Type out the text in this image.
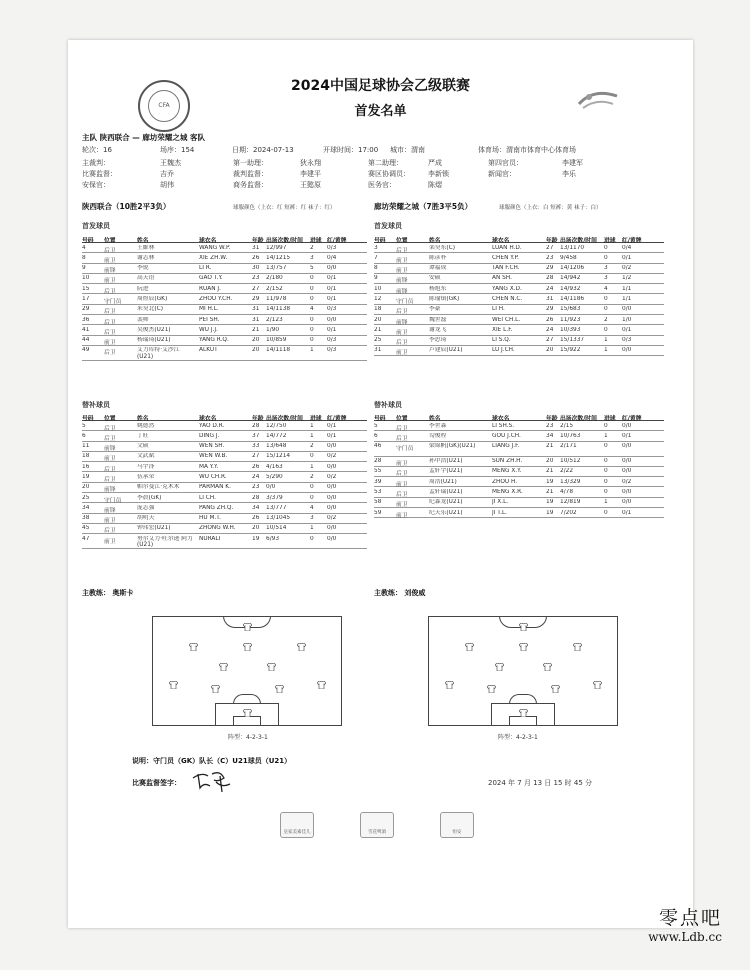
CFA
2024中国足球协会乙级联赛
首发名单
主队 陕西联合 — 廊坊荣耀之城 客队
轮次：16	场序：154	日期：2024-07-13	开球时间：17:00 城市：渭南	体育场：渭南市体育中心体育场
主裁判：	王魏杰	第一助理：	狄永翔	第二助理：	严成	第四官员：	李建军
比赛监督：	吉乔	裁判监督：	李建平	赛区协调员：	李新锁	新闻官：	李乐
安保官：	胡伟	商务监督：	王懿原	医务官：	陈熠
陕西联合（10胜2平3负）	球服颜色（上衣：红 短裤：红 袜子：红）	廊坊荣耀之城（7胜3平5负）	球服颜色（上衣：白 短裤：黄 袜子：白）
首发球员	首发球员
号码 位置	姓名	球衣名	年龄 出场次数/时间 进球 红/黄牌
4	后卫	王維林	WANG W.P.	31 12/997	2 0/3
8	前卫	谢志林	XIE ZH.W.	26 14/1215	3 0/4
9	前锋	李锐	LI R.	30 13/757	5 0/0
10	前卫	高天语	GAO T.Y.	23 2/180	0 0/1
15	后卫	阮进	RUAN J.	27 2/152	0 0/1
17	守门员	周煜辰(GK)	ZHOU Y.CH.	29 11/978	0 0/1
29	后卫	米昊北(C)	MI H.L.	31 14/1138	4 0/3
36	后卫	裴帅	PEI SH.	31 2/123	0 0/0
41	后卫	吴俊杰(U21)	WU J.J.	21 1/90	0 0/1
44	前卫	杨瑞琦(U21)	YANG R.Q.	20 10/859	0 0/3
49	后卫	艾力库特·艾沙江 (U21)
ALKUT	20 14/1118	1 0/3
号码 位置	姓名	球衣名	年龄 出场次数/时间 进球 红/黄牌
3	后卫	栾昊东(C)	LUAN H.D.	27 13/1170	0 0/4
7	前卫	陈彦朴	CHEN Y.P.	23 9/458	0 0/1
8	前卫	谭福成	TAN F.CH.	29 14/1206	3 0/2
9	前锋	安硕	AN SH.	28 14/942	3 1/2
10	前锋	杨旭东	YANG X.D.	24 14/932	4 1/1
12	守门员	陈瑜镇(GK)	CHEN N.C.	31 14/1186	0 1/1
18	后卫	李豪	LI H.	29 15/683	0 0/0
20	前锋	魏世磊	WEI CH.L.	26 11/923	2 1/0
21	前卫	谢龙飞	XIE L.F.	24 10/393	0 0/1
25	后卫	李思琦	LI S.Q.	27 15/1337	1 0/3
31	前卫	卢建辰(U21)	LU J.CH.	20 15/922	1 0/0
替补球员	替补球员
号码 位置	姓名	球衣名	年龄 出场次数/时间 进球 红/黄牌
5	后卫	姚德然	YAO D.R.	28 12/750	1 0/1
6	后卫	丁旺	DING J.	37 14/772	1 0/1
11	前锋	文硕	WEN SH.	33 13/648	2 0/0
18	前卫	文武斌	WEN W.B.	27 15/1214	0 0/2
16	后卫	马宇泽	MA Y.Y.	26 4/163	1 0/0
19	后卫	伍承荣	WU CH.R.	24 5/290	2 0/2
20	前锋	帕尔曼江·克木木	PARMAN K.	23 0/0	0 0/0
25	守门员	李晨(GK)	LI CH.	28 3/379	0 0/0
34	前锋	庞志强	PANG ZH.Q.	34 13/777	4 0/0
38	前卫	胡明天	HU M.T.	26 13/1045	3 0/2
45	后卫	钟玮宏(U21)	ZHONG W.H.	20 10/514	1 0/0
47	前卫	努尔艾力·吐尔逊 阿力(U21)
NURALI	19 6/93	0 0/0
号码 位置	姓名	球衣名	年龄 出场次数/时间 进球 红/黄牌
5	后卫	李世森	LI SH.S.	23 2/15	0 0/0
6	后卫	勾俊程	GOU J.CH.	34 10/763	1 0/1
46	守门员	梁锦帆(GK)(U21)	LIANG J.F.	21 2/171	0 0/0
28	前卫	孙中浩(U21)	SUN ZH.H.	20 10/512	0 0/0
55	后卫	孟轩宇(U21)	MENG X.Y.	21 2/22	0 0/0
39	前卫	周浩(U21)	ZHOU H.	19 13/329	0 0/2
53	后卫	孟轩瑞(U21)	MENG X.R.	21 4/78	0 0/0
58	前卫	纪森龙(U21)	JI X.L.	19 12/819	1 0/0
59	前卫	纪天乐(U21)	JI T.L.	19 7/202	0 0/1
主教练： 奥斯卡	主教练： 刘俊威
阵型：4-2-3-1	阵型：4-2-3-1
说明：守门员（GK）队长（C）U21球员（U21）
比赛监督签字：	2024 年 7 月 13 日 15 时 45 分
皇家美素佳儿	雪花啤酒	恒安
零点吧
www.Ldb.cc
